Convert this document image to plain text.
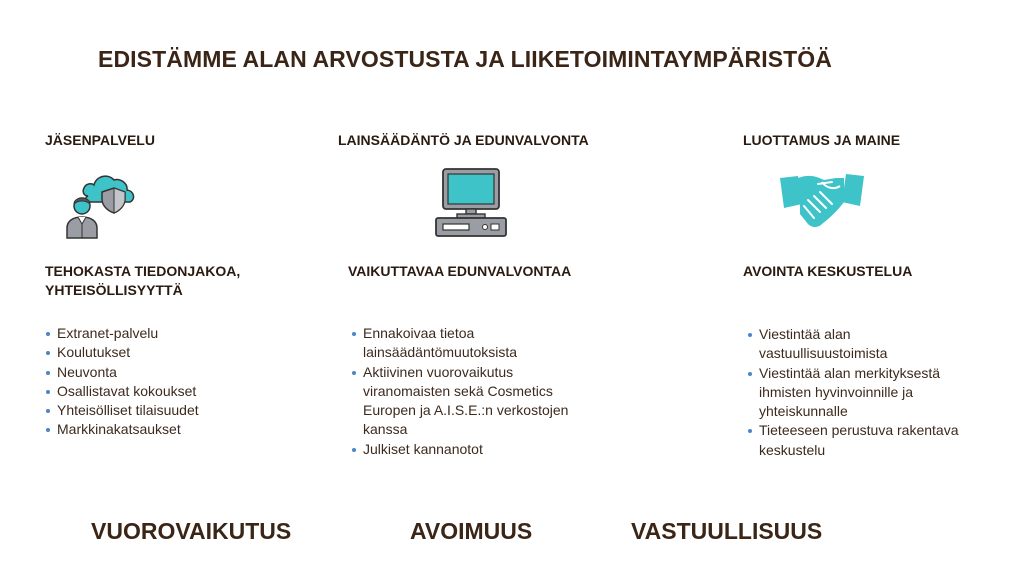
EDISTÄMME ALAN ARVOSTUSTA JA LIIKETOIMINTAYMPÄRISTÖÄ
JÄSENPALVELU
TEHOKASTA TIEDONJAKOA,
YHTEISÖLLISYYTTÄ
Extranet-palvelu
Koulutukset
Neuvonta
Osallistavat kokoukset
Yhteisölliset tilaisuudet
Markkinakatsaukset
LAINSÄÄDÄNTÖ JA EDUNVALVONTA
VAIKUTTAVAA EDUNVALVONTAA
Ennakoivaa tietoa
lainsäädäntömuutoksista
Aktiivinen vuorovaikutus
viranomaisten sekä Cosmetics
Europen ja A.I.S.E.:n verkostojen
kanssa
Julkiset kannanotot
LUOTTAMUS JA MAINE
AVOINTA KESKUSTELUA
Viestintää alan
vastuullisuustoimista
Viestintää alan merkityksestä
ihmisten hyvinvoinnille ja
yhteiskunnalle
Tieteeseen perustuva rakentava
keskustelu
VUOROVAIKUTUS	AVOIMUUS	VASTUULLISUUS
